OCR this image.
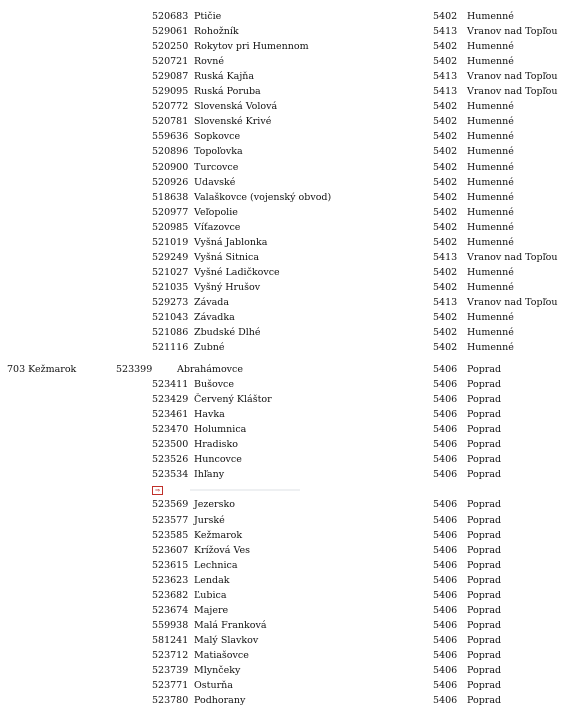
520683 Ptičie	5402 Humenné
529061 Rohožník	5413 Vranov nad Topľou
520250 Rokytov pri Humennom	5402 Humenné
520721 Rovné	5402 Humenné
529087 Ruská Kajňa	5413 Vranov nad Topľou
529095 Ruská Poruba	5413 Vranov nad Topľou
520772 Slovenská Volová	5402 Humenné
520781 Slovenské Krivé	5402 Humenné
559636 Sopkovce	5402 Humenné
520896 Topoľovka	5402 Humenné
520900 Turcovce	5402 Humenné
520926 Udavské	5402 Humenné
518638 Valaškovce (vojenský obvod)	5402 Humenné
520977 Veľopolie	5402 Humenné
520985 Víťazovce	5402 Humenné
521019 Vyšná Jablonka	5402 Humenné
529249 Vyšná Sitnica	5413 Vranov nad Topľou
521027 Vyšné Ladičkovce	5402 Humenné
521035 Vyšný Hrušov	5402 Humenné
529273 Závada	5413 Vranov nad Topľou
521043 Závadka	5402 Humenné
521086 Zbudské Dlhé	5402 Humenné
521116 Zubné	5402 Humenné
703 Kežmarok	523399	Abrahámovce	5406 Poprad
523411 Bušovce	5406 Poprad
523429 Červený Kláštor	5406 Poprad
523461 Havka	5406 Poprad
523470 Holumnica	5406 Poprad
523500 Hradisko	5406 Poprad
523526 Huncovce	5406 Poprad
523534 Ihľany	5406 Poprad
⇒
523569 Jezersko	5406 Poprad
523577 Jurské	5406 Poprad
523585 Kežmarok	5406 Poprad
523607 Krížová Ves	5406 Poprad
523615 Lechnica	5406 Poprad
523623 Lendak	5406 Poprad
523682 Ľubica	5406 Poprad
523674 Majere	5406 Poprad
559938 Malá Franková	5406 Poprad
581241 Malý Slavkov	5406 Poprad
523712 Matiašovce	5406 Poprad
523739 Mlynčeky	5406 Poprad
523771 Osturňa	5406 Poprad
523780 Podhorany	5406 Poprad
